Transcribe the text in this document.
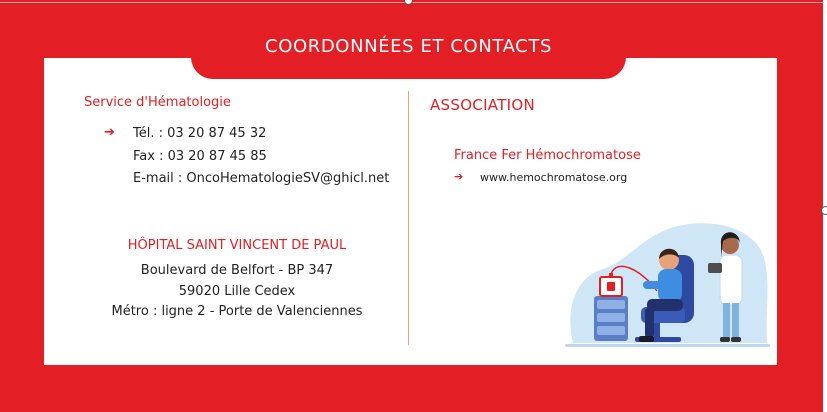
COORDONNÉES ET CONTACTS
Service d'Hématologie
➔ Tél. : 03 20 87 45 32
Fax : 03 20 87 45 85
E-mail : OncoHematologieSV@ghicl.net
HÔPITAL SAINT VINCENT DE PAUL
Boulevard de Belfort - BP 347
59020 Lille Cedex
Métro : ligne 2 - Porte de Valenciennes
ASSOCIATION
France Fer Hémochromatose
➔ www.hemochromatose.org
